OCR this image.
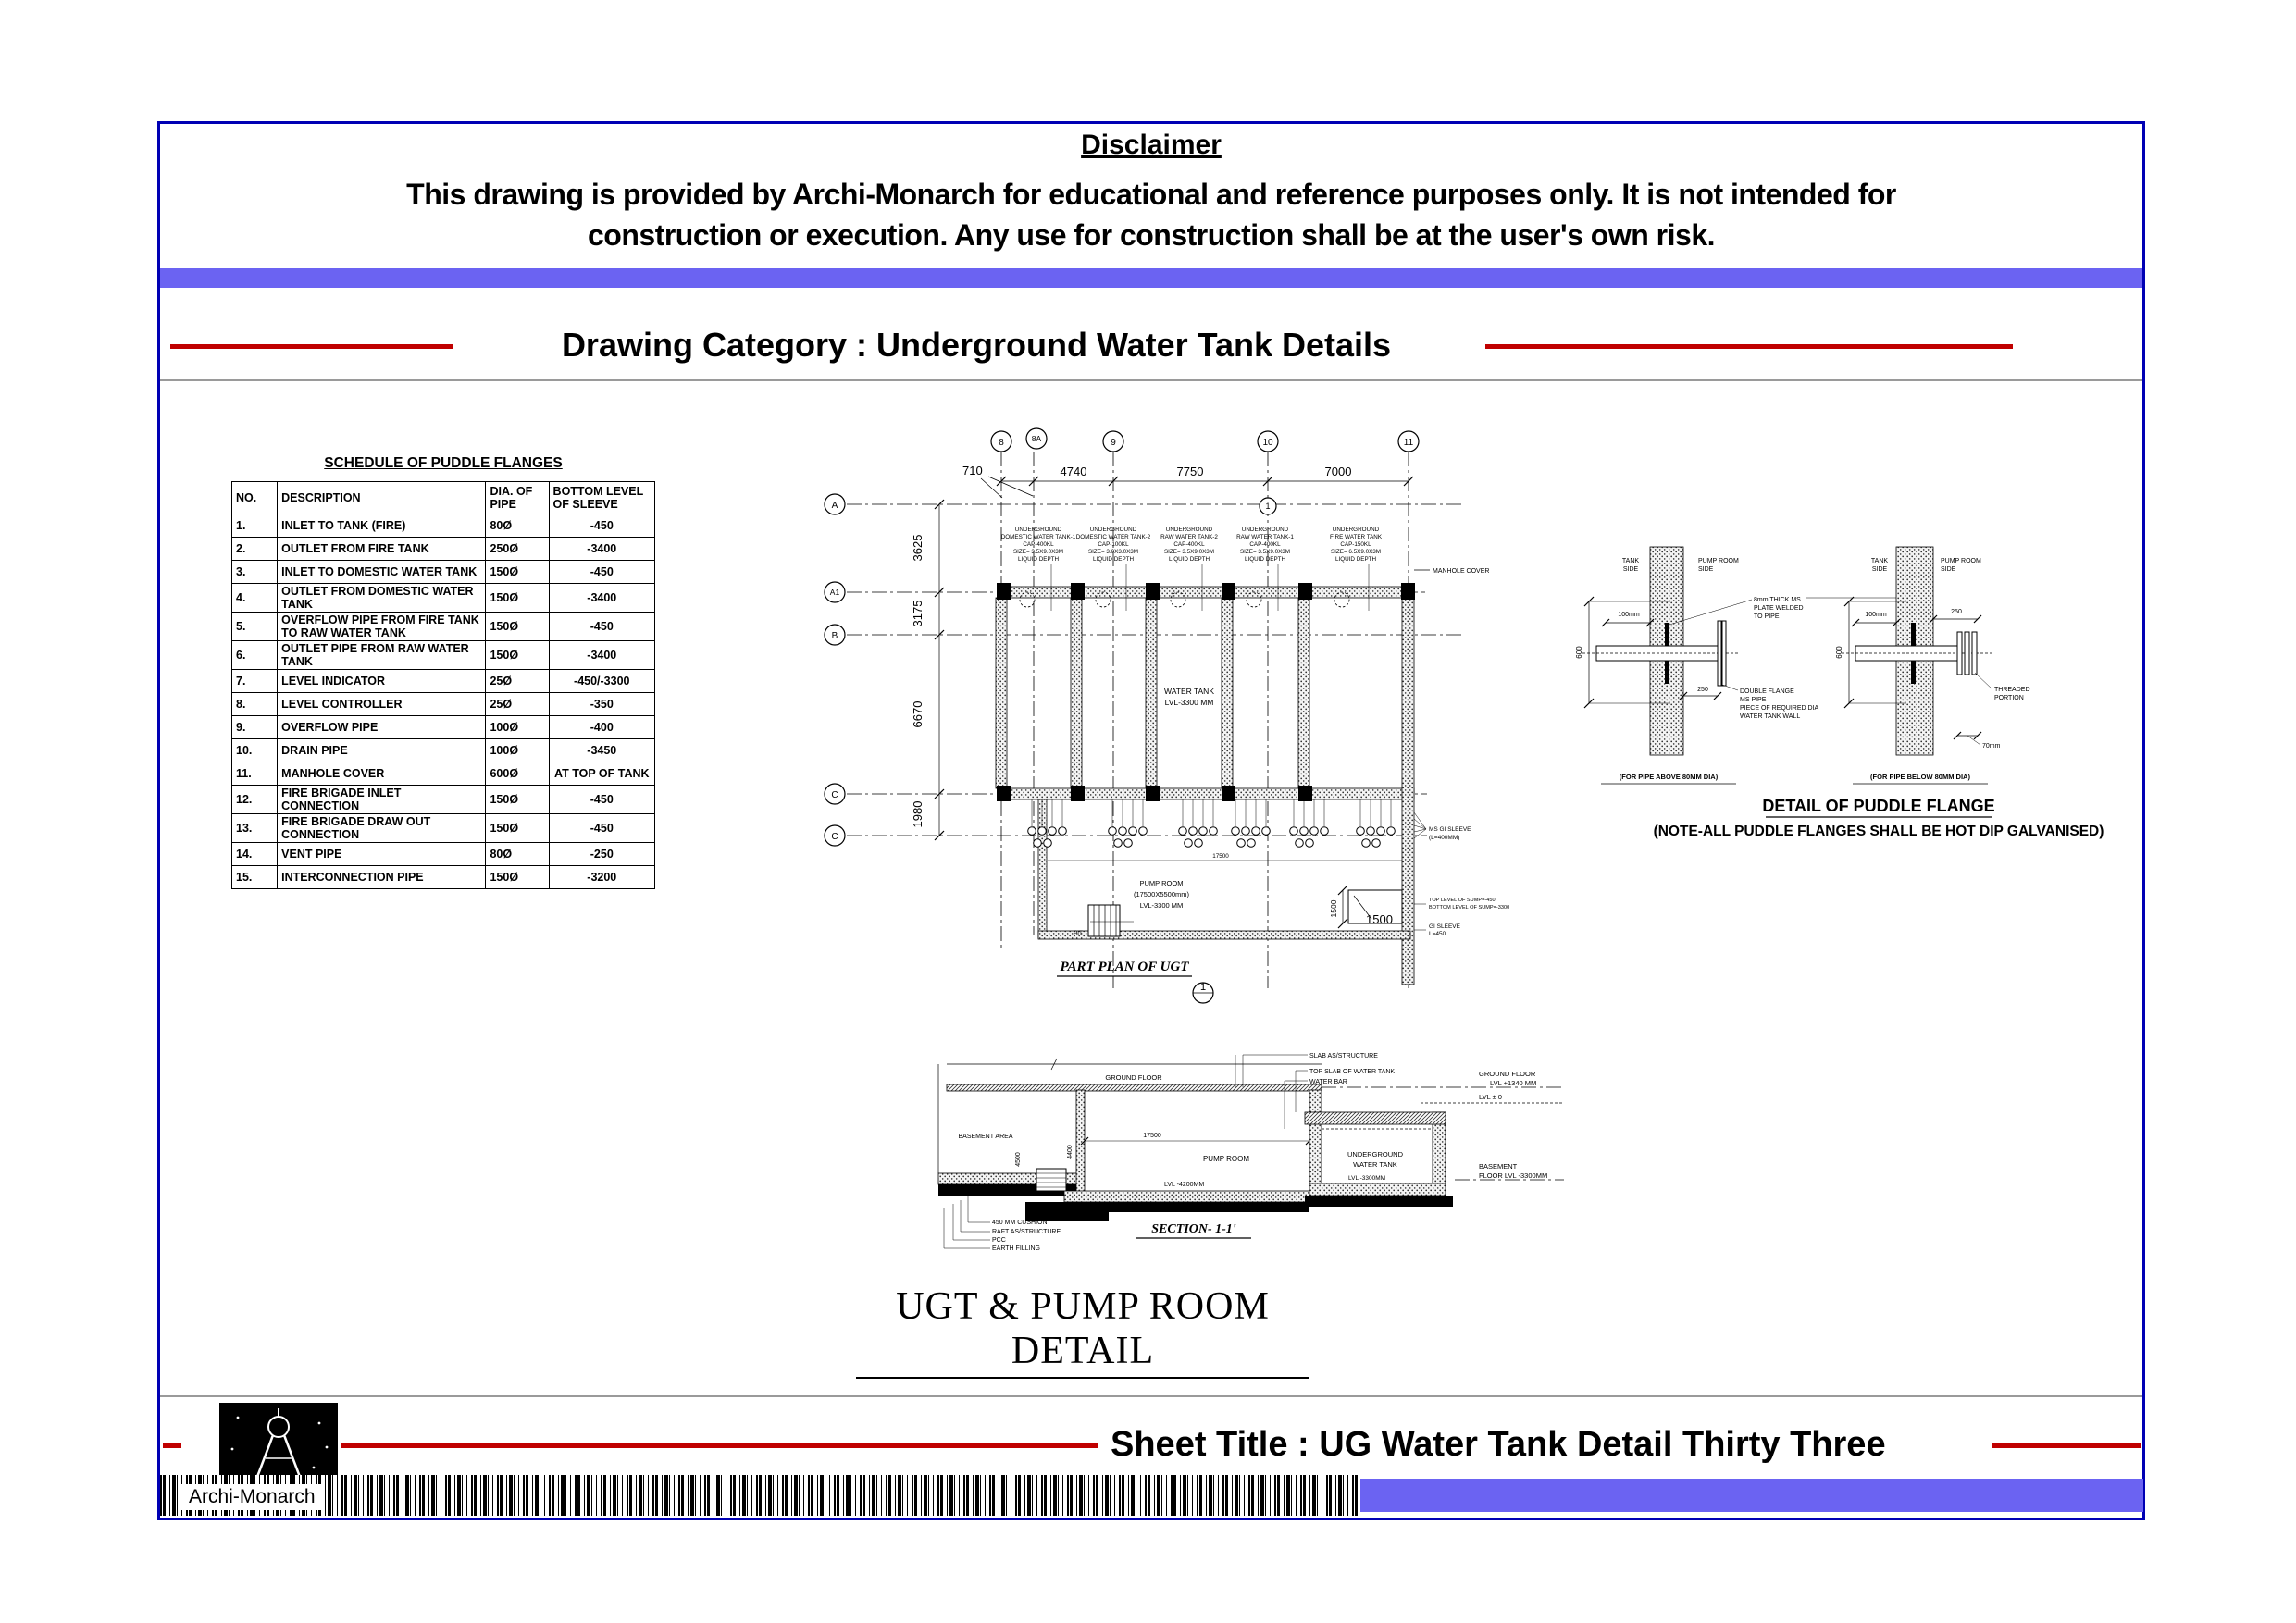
Disclaimer
This drawing is provided by Archi-Monarch for educational and reference purposes only. It is not intended for
construction or execution. Any use for construction shall be at the user's own risk.
Drawing Category : Underground Water Tank Details
SCHEDULE OF PUDDLE FLANGES
NO.	DESCRIPTION	DIA. OF PIPE	BOTTOM LEVEL OF SLEEVE
1.	INLET TO TANK (FIRE)	80Ø	-450
2.	OUTLET FROM FIRE TANK	250Ø	-3400
3.	INLET TO DOMESTIC WATER TANK	150Ø	-450
4.	OUTLET FROM DOMESTIC WATER TANK	150Ø	-3400
5.	OVERFLOW PIPE FROM FIRE TANK TO RAW WATER TANK	150Ø	-450
6.	OUTLET PIPE FROM RAW WATER TANK	150Ø	-3400
7.	LEVEL INDICATOR	25Ø	-450/-3300
8.	LEVEL CONTROLLER	25Ø	-350
9.	OVERFLOW PIPE	100Ø	-400
10.	DRAIN PIPE	100Ø	-3450
11.	MANHOLE COVER	600Ø	AT TOP OF TANK
12.	FIRE BRIGADE INLET CONNECTION	150Ø	-450
13.	FIRE BRIGADE DRAW OUT CONNECTION	150Ø	-450
14.	VENT PIPE	80Ø	-250
15.	INTERCONNECTION PIPE	150Ø	-3200
8	8A	9	10	11
A
A1
B
C
C
710	4740	7750	7000
3625
3175
6670
1980
UNDERGROUND
DOMESTIC WATER TANK-1
CAP-400KL
SIZE= 3.5X9.0X3M
LIQUID DEPTH
UNDERGROUND
DOMESTIC WATER TANK-2
CAP-100KL
SIZE= 3.0X3.0X3M
LIQUID DEPTH
UNDERGROUND
RAW WATER TANK-2
CAP-400KL
SIZE= 3.5X9.0X3M
LIQUID DEPTH
UNDERGROUND
RAW WATER TANK-1
CAP-400KL
SIZE= 3.5X9.0X3M
LIQUID DEPTH
UNDERGROUND
FIRE WATER TANK
CAP-150KL
SIZE= 6.5X9.0X3M
LIQUID DEPTH
WATER TANK
LVL-3300 MM
MANHOLE COVER
1
17500
PUMP ROOM
(17500X5500mm)
LVL-3300 MM
PIT
1500
1500
MS GI SLEEVE
(L=400MM)
TOP LEVEL OF SUMP=-450
BOTTOM LEVEL OF SUMP=-3300
GI SLEEVE
L=450
PART PLAN OF UGT
1
TANK
SIDE
PUMP ROOM
SIDE
600
100mm
250
8mm THICK MS
PLATE WELDED
TO PIPE
DOUBLE FLANGE
MS PIPE
PIECE OF REQUIRED DIA
WATER TANK WALL
(FOR PIPE ABOVE 80MM DIA)
TANK
SIDE
PUMP ROOM
SIDE
600
100mm	250
THREADED
PORTION
70mm
(FOR PIPE BELOW 80MM DIA)
DETAIL OF PUDDLE FLANGE
(NOTE-ALL PUDDLE FLANGES SHALL BE HOT DIP GALVANISED)
GROUND FLOOR	GROUND FLOOR
LVL +1340 MM
LVL ± 0
BASEMENT AREA
4500
4400
17500
PUMP ROOM
LVL -4200MM
UNDERGROUND
WATER TANK
LVL -3300MM
BASEMENT
FLOOR LVL -3300MM
SLAB AS/STRUCTURE
TOP SLAB OF WATER TANK
WATER BAR
450 MM CUSHION
RAFT AS/STRUCTURE
PCC
EARTH FILLING
SECTION- 1-1'
UGT & PUMP ROOM DETAIL
Sheet Title : UG Water Tank Detail Thirty Three
Archi-Monarch
